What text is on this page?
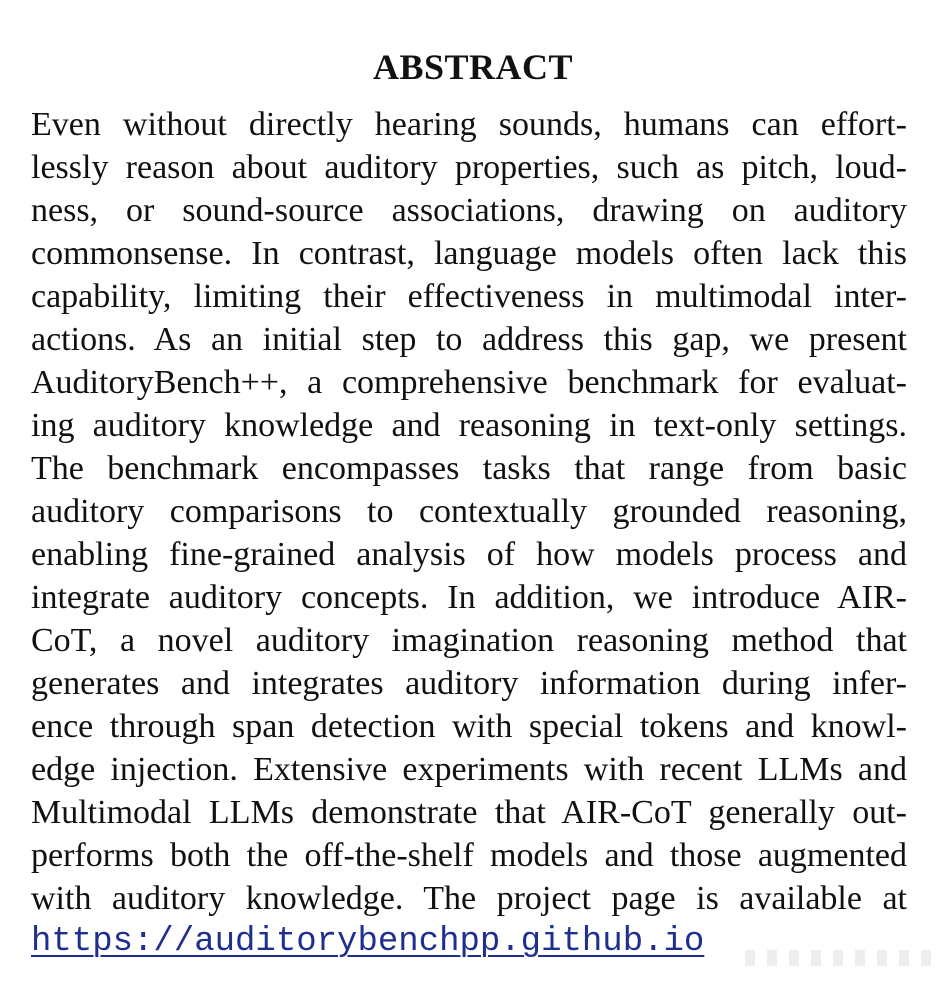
ABSTRACT
Even without directly hearing sounds, humans can effort-
lessly reason about auditory properties, such as pitch, loud-
ness, or sound-source associations, drawing on auditory
commonsense. In contrast, language models often lack this
capability, limiting their effectiveness in multimodal inter-
actions. As an initial step to address this gap, we present
AuditoryBench++, a comprehensive benchmark for evaluat-
ing auditory knowledge and reasoning in text-only settings.
The benchmark encompasses tasks that range from basic
auditory comparisons to contextually grounded reasoning,
enabling fine-grained analysis of how models process and
integrate auditory concepts. In addition, we introduce AIR-
CoT, a novel auditory imagination reasoning method that
generates and integrates auditory information during infer-
ence through span detection with special tokens and knowl-
edge injection. Extensive experiments with recent LLMs and
Multimodal LLMs demonstrate that AIR-CoT generally out-
performs both the off-the-shelf models and those augmented
with auditory knowledge. The project page is available at
https://auditorybenchpp.github.io
